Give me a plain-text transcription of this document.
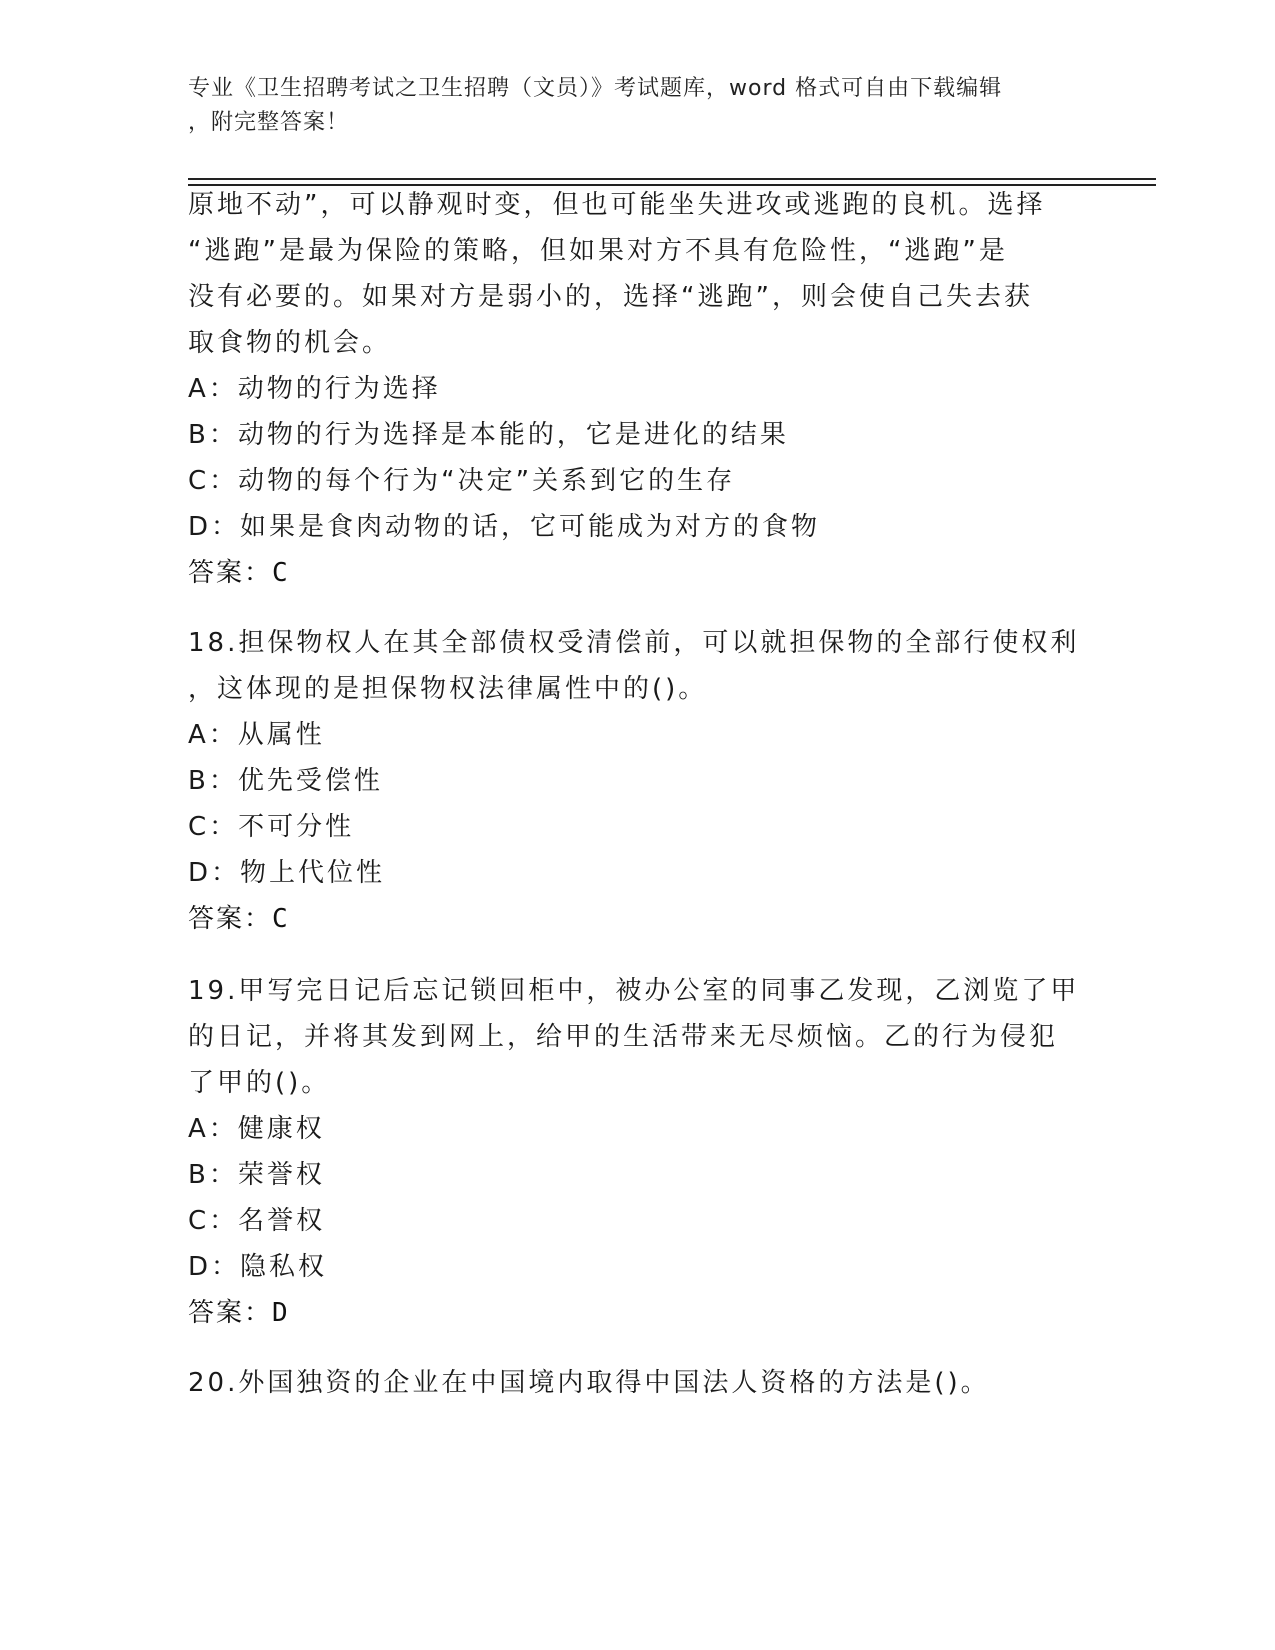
专业《卫生招聘考试之卫生招聘（文员）》考试题库，word 格式可自由下载编辑
，附完整答案！
原地不动”，可以静观时变，但也可能坐失进攻或逃跑的良机。选择
“逃跑”是最为保险的策略，但如果对方不具有危险性，“逃跑”是
没有必要的。如果对方是弱小的，选择“逃跑”，则会使自己失去获
取食物的机会。
A：动物的行为选择
B：动物的行为选择是本能的，它是进化的结果
C：动物的每个行为“决定”关系到它的生存
D：如果是食肉动物的话，它可能成为对方的食物
答案：C
18.担保物权人在其全部债权受清偿前，可以就担保物的全部行使权利
，这体现的是担保物权法律属性中的()。
A：从属性
B：优先受偿性
C：不可分性
D：物上代位性
答案：C
19.甲写完日记后忘记锁回柜中，被办公室的同事乙发现，乙浏览了甲
的日记，并将其发到网上，给甲的生活带来无尽烦恼。乙的行为侵犯
了甲的()。
A：健康权
B：荣誉权
C：名誉权
D：隐私权
答案：D
20.外国独资的企业在中国境内取得中国法人资格的方法是()。
